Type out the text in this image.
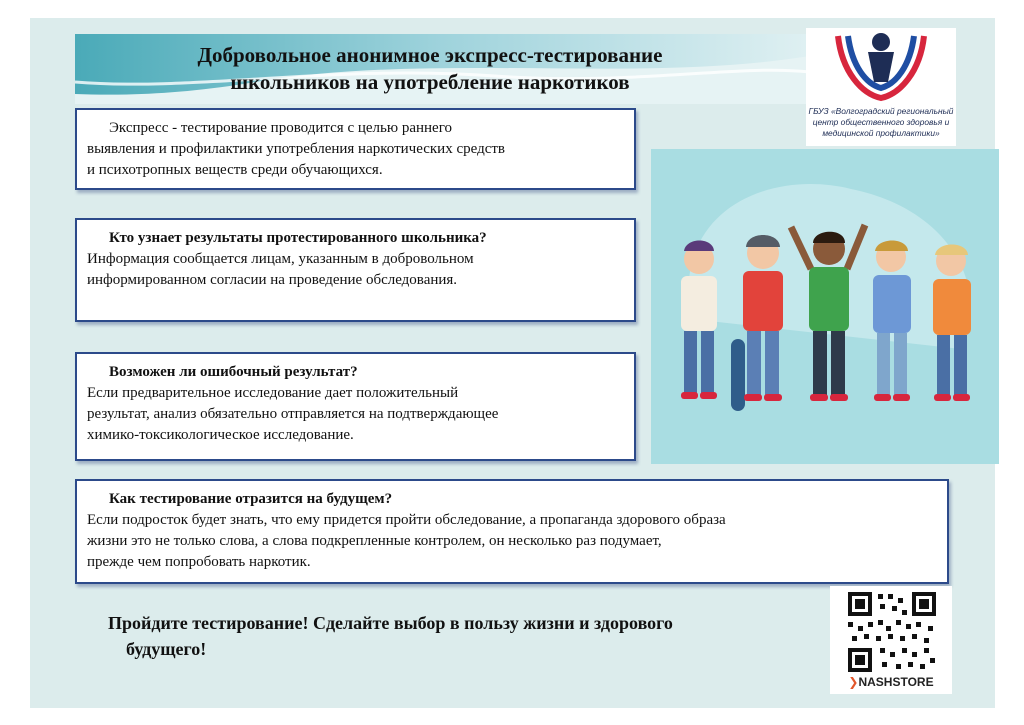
Добровольное анонимное экспресс-тестирование
школьников на употребление наркотиков
ГБУЗ «Волгоградский региональный центр общественного здоровья и медицинской профилактики»
Экспресс - тестирование проводится с целью раннего
выявления и профилактики употребления наркотических средств
и психотропных веществ среди обучающихся.
Кто узнает результаты протестированного школьника?
Информация сообщается лицам, указанным в добровольном
информированном согласии на проведение обследования.
Возможен ли ошибочный результат?
Если предварительное исследование дает положительный
результат, анализ обязательно отправляется на подтверждающее
химико-токсикологическое исследование.
Как тестирование отразится на будущем?
Если подросток будет знать, что ему придется пройти обследование, а пропаганда здорового образа
жизни это не только слова, а слова подкрепленные контролем, он несколько раз подумает,
прежде чем попробовать наркотик.
Пройдите тестирование! Сделайте выбор в пользу жизни и здорового
будущего!
❯NASHSTORE
